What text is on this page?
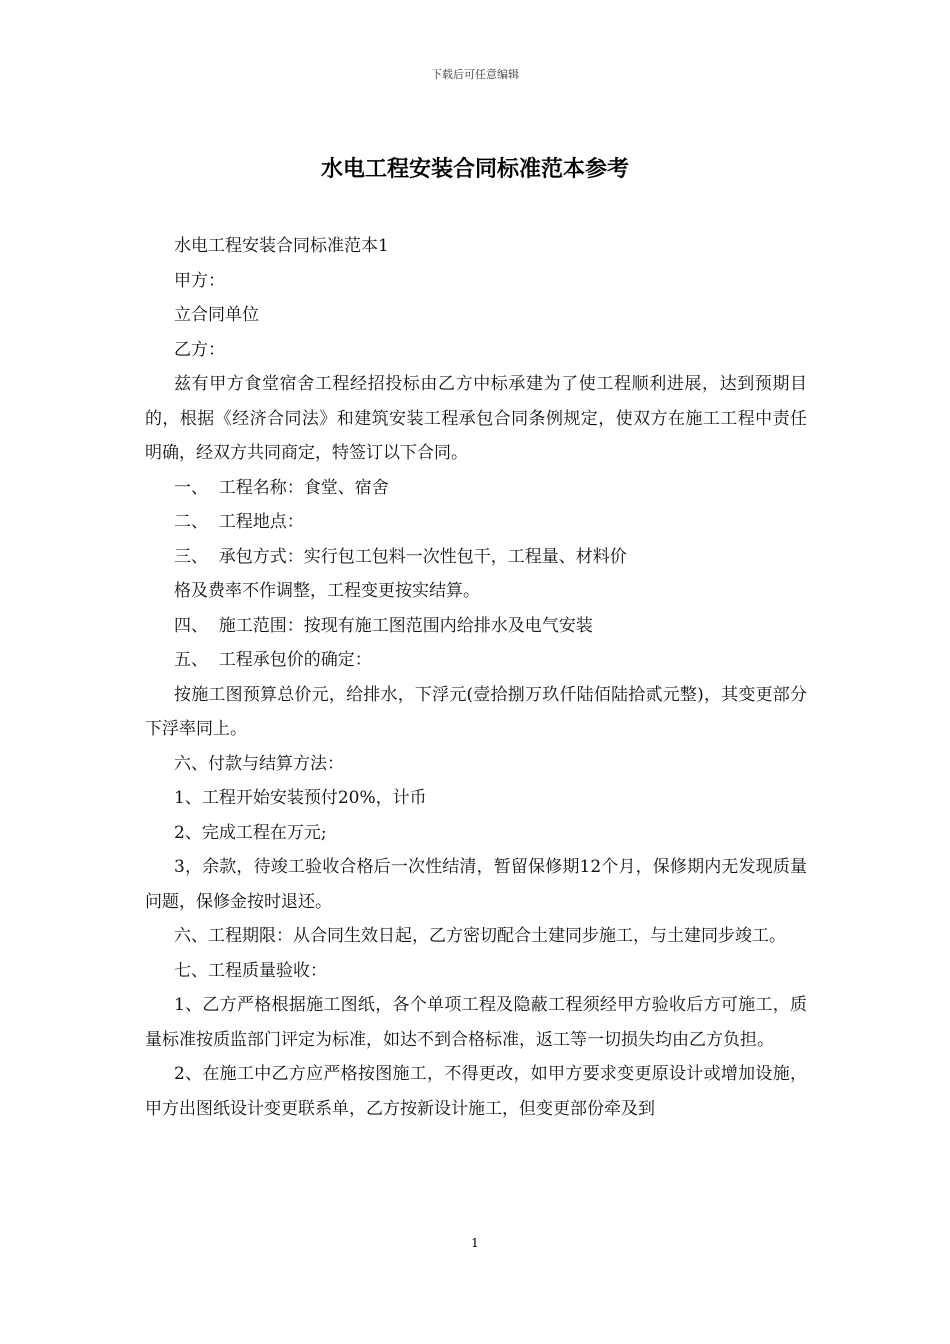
下载后可任意编辑
水电工程安装合同标准范本参考

水电工程安装合同标准范本1

甲方：

立合同单位

乙方：

兹有甲方食堂宿舍工程经招投标由乙方中标承建为了使工程顺利进展，达到预期目的，根据《经济合同法》和建筑安装工程承包合同条例规定，使双方在施工工程中责任明确，经双方共同商定，特签订以下合同。

一、  工程名称：食堂、宿舍

二、  工程地点：

三、  承包方式：实行包工包料一次性包干，工程量、材料价

格及费率不作调整，工程变更按实结算。

四、  施工范围：按现有施工图范围内给排水及电气安装

五、  工程承包价的确定：

按施工图预算总价元，给排水，下浮元(壹拾捌万玖仟陆佰陆拾贰元整)，其变更部分下浮率同上。

六、付款与结算方法：

1、工程开始安装预付20%，计币

2、完成工程在万元;

3，余款，待竣工验收合格后一次性结清，暂留保修期12个月，保修期内无发现质量问题，保修金按时退还。

六、工程期限：从合同生效日起，乙方密切配合土建同步施工，与土建同步竣工。

七、工程质量验收：

1、乙方严格根据施工图纸，各个单项工程及隐蔽工程须经甲方验收后方可施工，质量标准按质监部门评定为标准，如达不到合格标准，返工等一切损失均由乙方负担。

2、在施工中乙方应严格按图施工，不得更改，如甲方要求变更原设计或增加设施，甲方出图纸设计变更联系单，乙方按新设计施工，但变更部份牵及到

1
